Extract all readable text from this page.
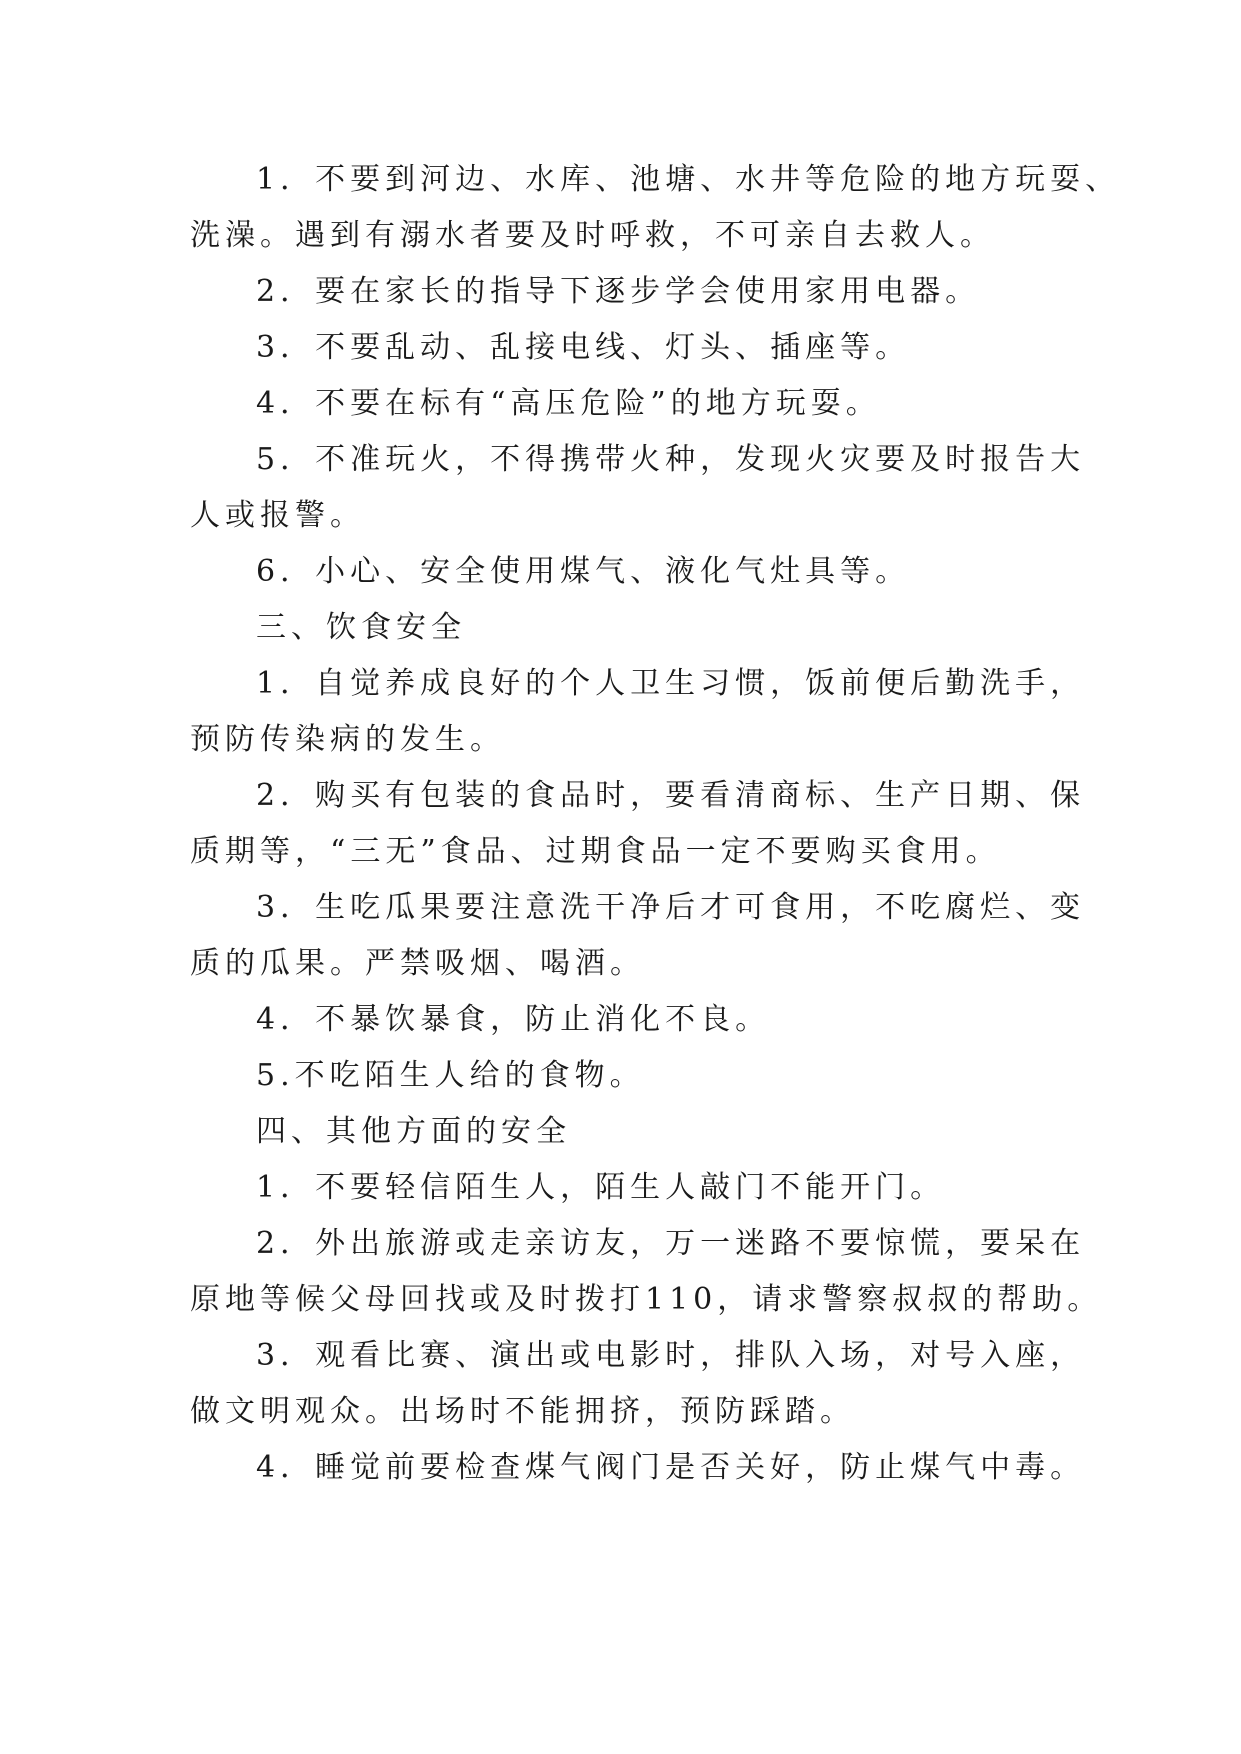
1．不要到河边、水库、池塘、水井等危险的地方玩耍、
洗澡。遇到有溺水者要及时呼救，不可亲自去救人。
2．要在家长的指导下逐步学会使用家用电器。
3．不要乱动、乱接电线、灯头、插座等。
4．不要在标有“高压危险”的地方玩耍。
5．不准玩火，不得携带火种，发现火灾要及时报告大
人或报警。
6．小心、安全使用煤气、液化气灶具等。
三、饮食安全
1．自觉养成良好的个人卫生习惯，饭前便后勤洗手，
预防传染病的发生。
2．购买有包装的食品时，要看清商标、生产日期、保
质期等，“三无”食品、过期食品一定不要购买食用。
3．生吃瓜果要注意洗干净后才可食用，不吃腐烂、变
质的瓜果。严禁吸烟、喝酒。
4．不暴饮暴食，防止消化不良。
5.不吃陌生人给的食物。
四、其他方面的安全
1．不要轻信陌生人，陌生人敲门不能开门。
2．外出旅游或走亲访友，万一迷路不要惊慌，要呆在
原地等候父母回找或及时拨打110，请求警察叔叔的帮助。
3．观看比赛、演出或电影时，排队入场，对号入座，
做文明观众。出场时不能拥挤，预防踩踏。
4．睡觉前要检查煤气阀门是否关好，防止煤气中毒。
